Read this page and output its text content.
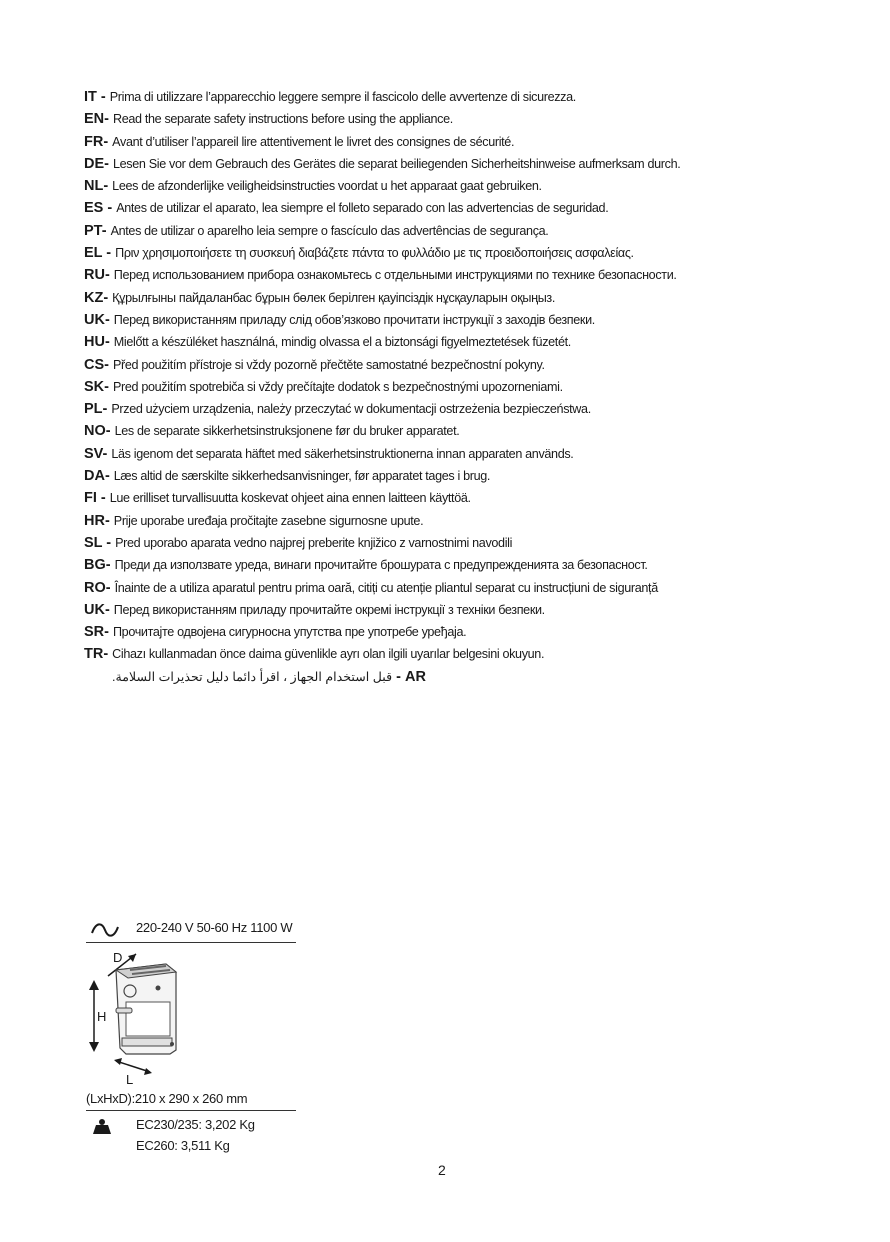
IT - Prima di utilizzare l’apparecchio leggere sempre il fascicolo delle avvertenze di sicurezza.
EN- Read the separate safety instructions before using the appliance.
FR- Avant d’utiliser l’appareil lire attentivement le livret des consignes de sécurité.
DE- Lesen Sie vor dem Gebrauch des Gerätes die separat beiliegenden Sicherheitshinweise aufmerksam durch.
NL- Lees de afzonderlijke veiligheidsinstructies voordat u het apparaat gaat gebruiken.
ES - Antes de utilizar el aparato, lea siempre el folleto separado con las advertencias de seguridad.
PT- Antes de utilizar o aparelho leia sempre o fascículo das advertências de segurança.
EL - Πριν χρησιμοποιήσετε τη συσκευή διαβάζετε πάντα το φυλλάδιο με τις προειδοποιήσεις ασφαλείας.
RU- Перед использованием прибора ознакомьтесь с отдельными инструкциями по технике безопасности.
KZ- Құрылғыны пайдаланбас бұрын бөлек берілген қауіпсіздік нұсқауларын оқыңыз.
UK- Перед використанням приладу слід обов’язково прочитати інструкції з заходів безпеки.
HU- Mielőtt a készüléket használná, mindig olvassa el a biztonsági figyelmeztetések füzetét.
CS- Před použitím přístroje si vždy pozorně přečtěte samostatné bezpečnostní pokyny.
SK- Pred použitím spotrebiča si vždy prečítajte dodatok s bezpečnostnými upozorneniami.
PL- Przed użyciem urządzenia, należy przeczytać w dokumentacji ostrzeżenia bezpieczeństwa.
NO- Les de separate sikkerhetsinstruksjonene før du bruker apparatet.
SV- Läs igenom det separata häftet med säkerhetsinstruktionerna innan apparaten används.
DA- Læs altid de særskilte sikkerhedsanvisninger, før apparatet tages i brug.
FI - Lue erilliset turvallisuutta koskevat ohjeet aina ennen laitteen käyttöä.
HR- Prije uporabe uređaja pročitajte zasebne sigurnosne upute.
SL - Pred uporabo aparata vedno najprej preberite knjižico z varnostnimi navodili
BG- Преди да използвате уреда, винаги прочитайте брошурата с предупрежденията за безопасност.
RO- Înainte de a utiliza aparatul pentru prima oară, citiți cu atenție pliantul separat cu instrucțiuni de siguranță
UK- Перед використанням приладу прочитайте окремі інструкції з техніки безпеки.
SR- Прочитајте одвојена сигурносна упутства пре употребе уређаја.
TR- Cihazı kullanmadan önce daima güvenlikle ayrı olan ilgili uyarılar belgesini okuyun.
AR -قبل استخدام الجهاز ، اقرأ دائما دليل تحذيرات السلامة.
220-240 V 50-60 Hz 1100 W
D
H
L
(LxHxD):210 x 290 x 260 mm
EC230/235: 3,202 Kg
EC260: 3,511 Kg
2
